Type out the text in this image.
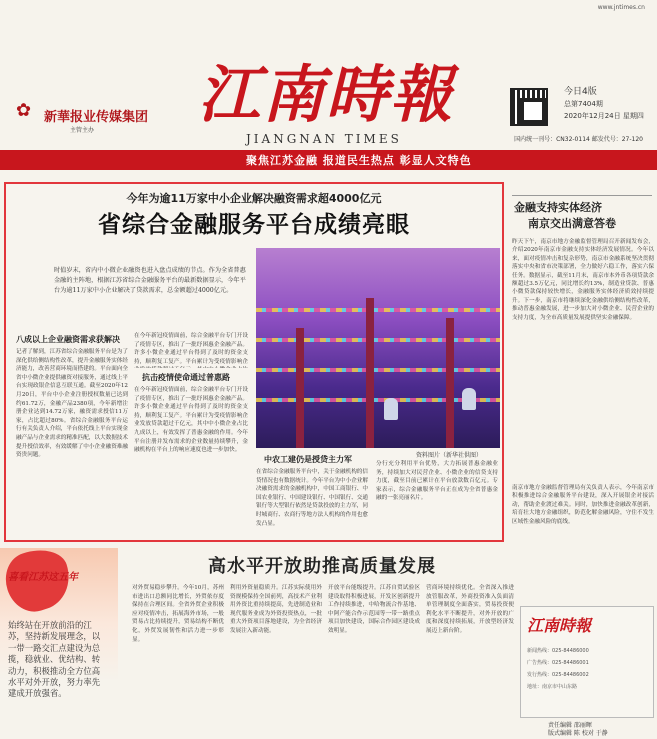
www.jntimes.cn
✿ 新華报业传媒集团
主管主办	江南時報
JIANGNAN TIMES
今日4版
总第7404期
2020年12月24日 星期四
国内统一刊号：CN32-0114 邮发代号：27-120
聚焦江苏金融 报道民生热点 彰显人文特色
今年为逾11万家中小企业解决融资需求超4000亿元
省综合金融服务平台成绩亮眼
时值岁末，省内中小微企业融资也进入盘点成绩的节点。作为全省普惠金融的主阵地，根据江苏省综合金融服务平台的最新数据显示，今年平台为逾11万家中小企业解决了贷款需求，总金额超过4000亿元。
资料图片（新华社供图）
八成以上企业融资需求获解决
记者了解到，江苏省综合金融服务平台是为了深化供给侧结构性改革，提升金融服务实体经济能力，改善营商环境而搭建的。平台面向全省中小微企业提供融资对接服务，通过线上平台实现政银企信息互联互通。截至2020年12月20日，平台中小企业注册授权数量已达到约61.72万，金融产品2380项，今年新增注册企业达到14.72万家，融资需求授信11万家，占比超过80%。省综合金融服务平台运行有关负责人介绍，平台依托线上平台实现金融产品与企业需求的精准匹配，以大数据技术提升授信效率，有效缓解了中小企业融资难融资贵问题。
在今年新冠疫情面前，综合金融平台专门开设了疫情专区，推出了一批纾困惠企金融产品。许多小微企业通过平台得到了及时的资金支持，顺利复工复产。平台累计为受疫情影响企
抗击疫情使命通过普惠路
在今年新冠疫情面前，综合金融平台专门开设了疫情专区，推出了一批纾困惠企金融产品。许多小微企业通过平台得到了及时的资金支持，顺利复工复产。平台累计为受疫情影响企业发放贷款超过千亿元，其中中小微企业占比九成以上，有效发挥了普惠金融的作用。今年平台注册并发布需求的企业数量持续攀升，金融机构在平台上的响应速度也进一步加快。
中农工建仍是授贷主力军
在省综合金融服务平台中，关于金融机构的信贷情况也有数据统计。今年平台为中小企业解决融资需求的金融机构中，中国工商银行、中国农业银行、中国建设银行、中国银行、交通银行等大型银行依然是贷款投放的主力军，同时城商行、农商行等地方法人机构的作用也愈发凸显。
分行充分利用平台优势，大力拓展普惠金融业务，持续加大对民营企业、小微企业的信贷支持力度，截至目前已累计在平台放款数百亿元。专家表示，综合金融服务平台正在成为全省普惠金融的一张亮丽名片。
金融支持实体经济
南京交出满意答卷
昨天下午，南京市地方金融监督管理局召开新闻发布会，介绍2020年南京市金融支持实体经济发展情况。今年以来，面对疫情冲击和复杂形势，南京市金融系统坚决贯彻落实中央和省市决策部署，全力做好六稳工作，落实六保任务。数据显示，截至11月末，南京市本外币各项贷款余额超过3.5万亿元，同比增长约13%，制造业贷款、普惠小微贷款保持较快增长，金融服务实体经济质效持续提升。下一步，南京市将继续深化金融供给侧结构性改革，推动普惠金融发展，进一步加大对小微企业、民营企业的支持力度，为全市高质量发展提供坚实金融保障。
南京市地方金融监督管理局有关负责人表示，今年南京市积极推进综合金融服务平台建设，深入开展银企对接活动，帮助企业渡过难关。同时，加快推进金融改革创新，培育壮大地方金融组织，防范化解金融风险，守住不发生区域性金融风险的底线。
喜看江苏这五年
始终站在开放前沿的江苏，坚持新发展理念，以一带一路交汇点建设为总揽，稳就业、优结构、转动力，积极推动全方位高水平对外开放，努力率先建成开放强省。
高水平开放助推高质量发展
对外贸易稳步攀升。今年10月，苏州市进出口总额同比增长，外贸依存度保持在合理区间。全省外贸企业积极应对疫情冲击，拓展海外市场，一般贸易占比持续提升，贸易结构不断优化，外贸发展韧性和活力进一步彰显。
利用外资量稳质升。江苏实际使用外资规模保持全国前列，高技术产业利用外资比重持续提高，先进制造业和现代服务业成为外资投资热点，一批重大外资项目落地建设，为全省经济发展注入新动能。
开放平台能级提升。江苏自贸试验区建设取得积极进展，开发区创新提升工作持续推进，中哈物流合作基地、中阿产能合作示范园等一带一路重点项目加快建设，国际合作园区建设成效明显。
营商环境持续优化。全省深入推进放管服改革，外商投资准入负面清单管理制度全面落实，贸易投资便利化水平不断提升，对外开放的广度和深度持续拓展，开放型经济发展迈上新台阶。	江南時報
新闻热线：025-84486000
广告热线：025-84486001
发行热线：025-84486002
地址：南京市中山东路
责任编辑 邵丽暉
版式编辑 陈 校对 于静
